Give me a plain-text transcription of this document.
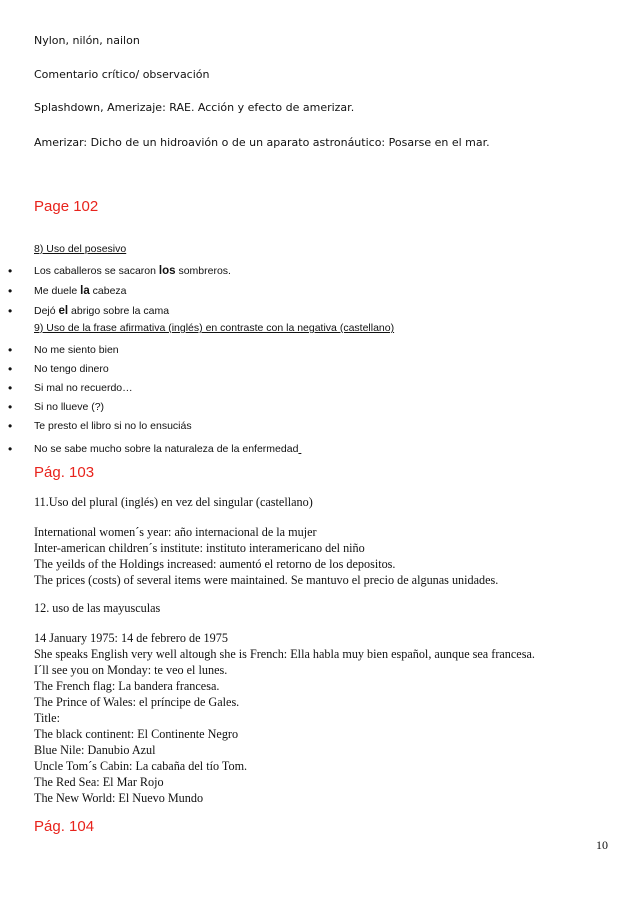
Nylon, nilón, nailon
Comentario crítico/ observación
Splashdown, Amerizaje: RAE. Acción y efecto de amerizar.
Amerizar: Dicho de un hidroavión o de un aparato astronáutico: Posarse en el mar.
Page 102
8) Uso del posesivo
• Los caballeros se sacaron los sombreros.
• Me duele la cabeza
• Dejó el abrigo sobre la cama
9) Uso de la frase afirmativa (inglés) en contraste con la negativa (castellano)
• No me siento bien
• No tengo dinero
• Si mal no recuerdo…
• Si no llueve (?)
• Te presto el libro si no lo ensuciás
• No se sabe mucho sobre la naturaleza de la enfermedad
Pág. 103
11.Uso del plural (inglés) en vez del singular (castellano)
International women´s year: año internacional de la mujer
Inter-american children´s institute: instituto interamericano del niño
The yeilds of the Holdings increased: aumentó el retorno de los depositos.
The prices (costs) of several items were maintained. Se mantuvo el precio de algunas unidades.
12. uso de las mayusculas
14 January 1975: 14 de febrero de 1975
She speaks English very well altough she is French: Ella habla muy bien español, aunque sea francesa.
I´ll see you on Monday: te veo el lunes.
The French flag: La bandera francesa.
The Prince of Wales: el príncipe de Gales.
Title:
The black continent: El Continente Negro
Blue Nile: Danubio Azul
Uncle Tom´s Cabin: La cabaña del tío Tom.
The Red Sea: El Mar Rojo
The New World: El Nuevo Mundo
Pág. 104
10
